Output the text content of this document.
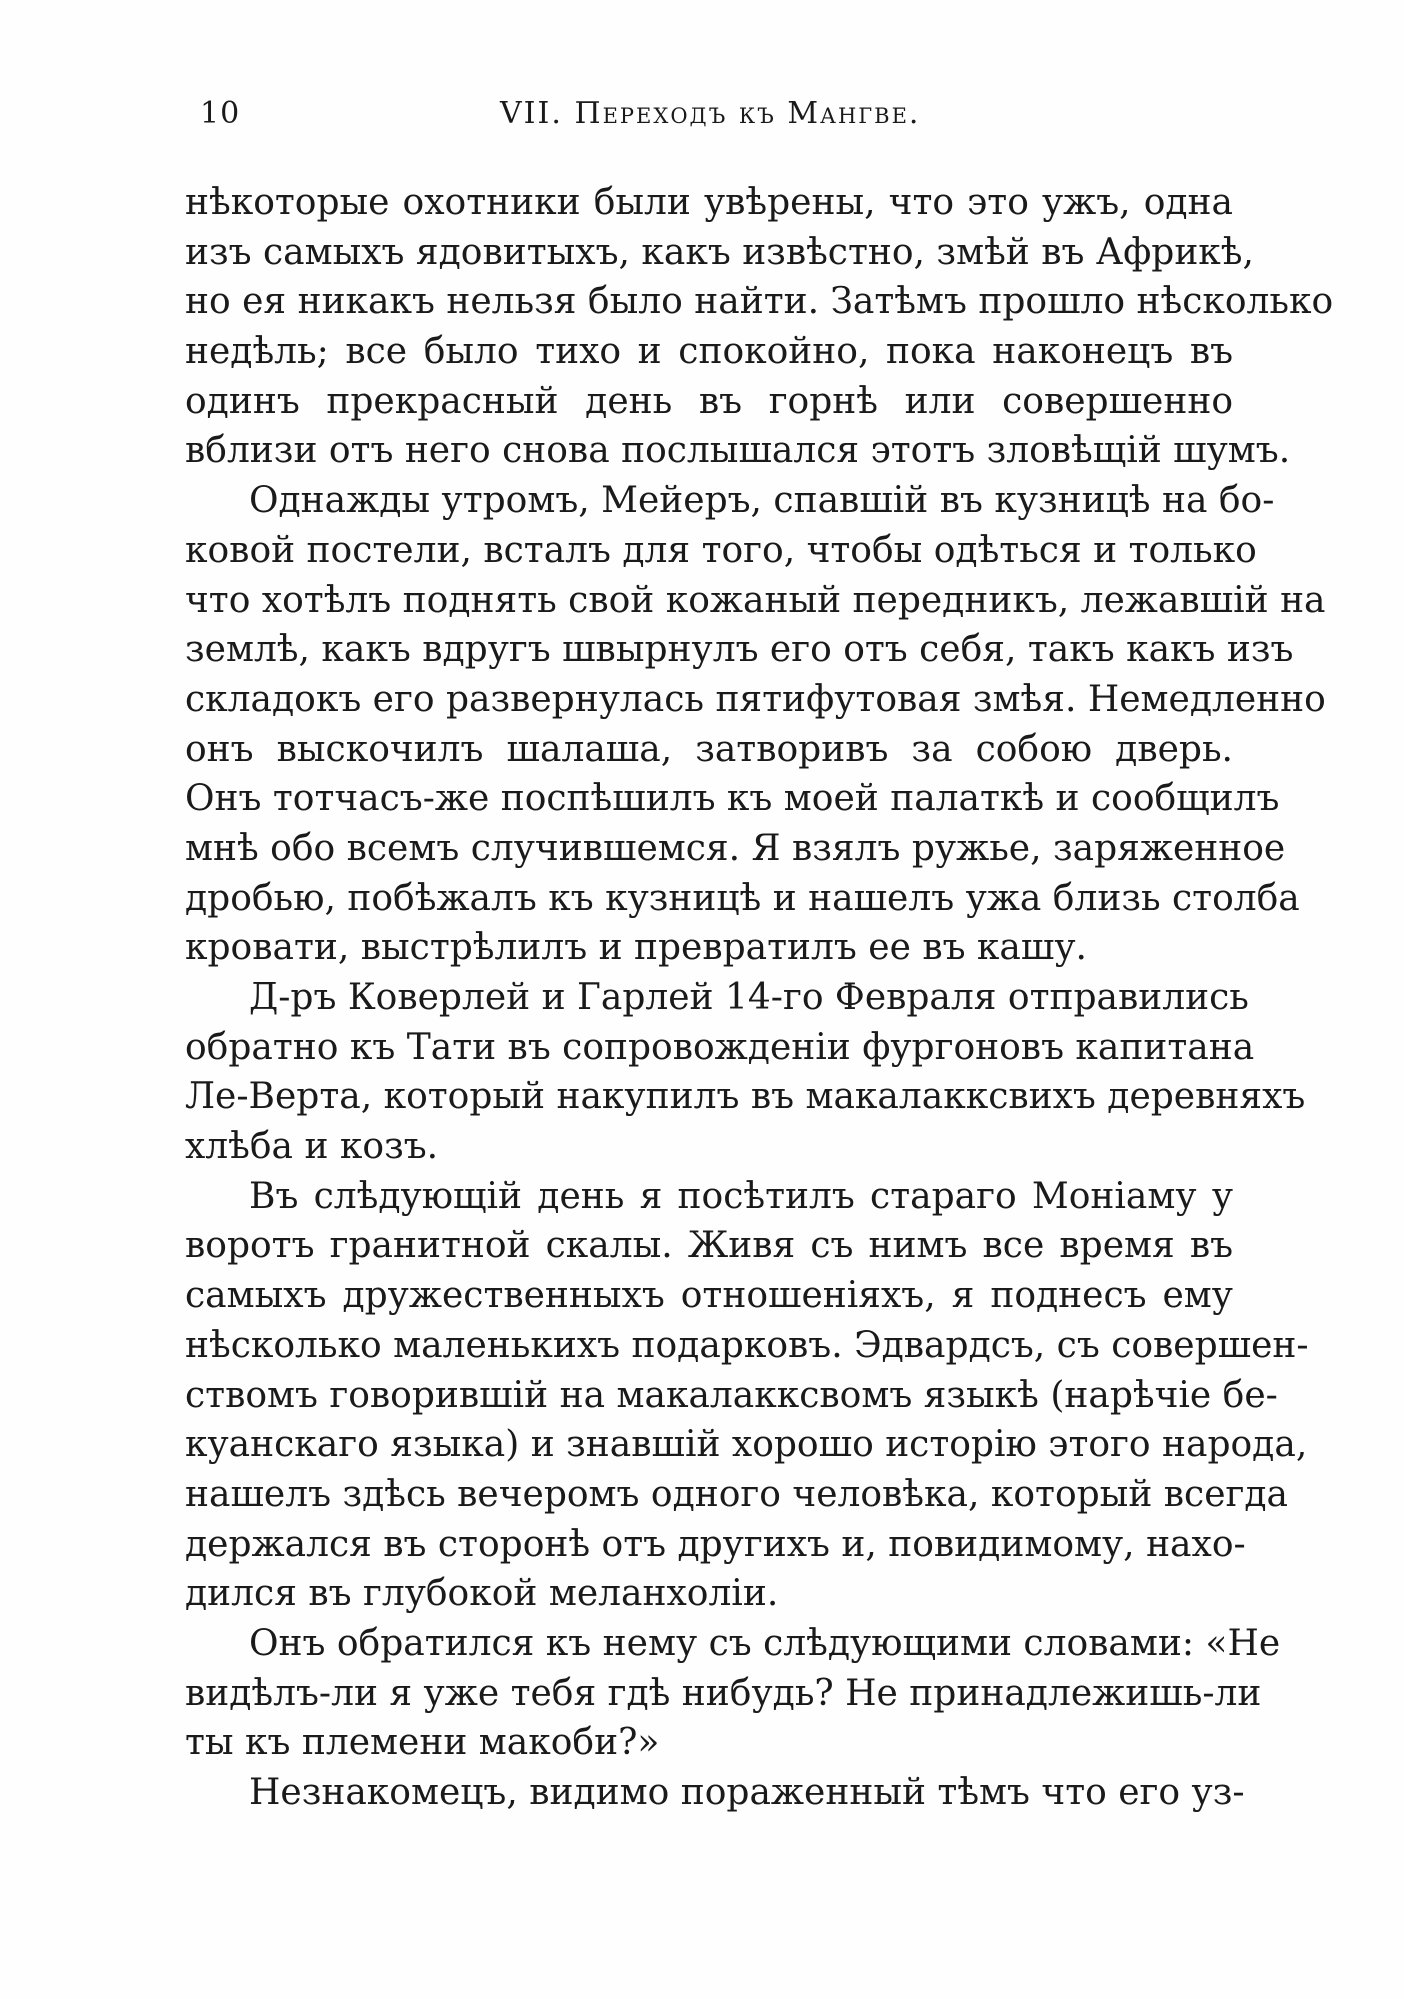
10	VII. Переходъ къ Мангве.
нѣкоторые охотники были увѣрены, что это ужъ, одна
изъ самыхъ ядовитыхъ, какъ извѣстно, змѣй въ Африкѣ,
но ея никакъ нельзя было найти. Затѣмъ прошло нѣсколько
недѣль; все было тихо и спокойно, пока наконецъ въ
одинъ прекрасный день въ горнѣ или совершенно
вблизи отъ него снова послышался этотъ зловѣщій шумъ.
Однажды утромъ, Мейеръ, спавшій въ кузницѣ на бо-
ковой постели, всталъ для того, чтобы одѣться и только
что хотѣлъ поднять свой кожаный передникъ, лежавшій на
землѣ, какъ вдругъ швырнулъ его отъ себя, такъ какъ изъ
складокъ его развернулась пятифутовая змѣя. Немедленно
онъ выскочилъ шалаша, затворивъ за собою дверь.
Онъ тотчасъ-же поспѣшилъ къ моей палаткѣ и сообщилъ
мнѣ обо всемъ случившемся. Я взялъ ружье, заряженное
дробью, побѣжалъ къ кузницѣ и нашелъ ужа близь столба
кровати, выстрѣлилъ и превратилъ ее въ кашу.
Д-ръ Коверлей и Гарлей 14-го Февраля отправились
обратно къ Тати въ сопровожденіи фургоновъ капитана
Ле-Верта, который накупилъ въ макалакксвихъ деревняхъ
хлѣба и козъ.
Въ слѣдующій день я посѣтилъ стараго Моніаму у
воротъ гранитной скалы. Живя съ нимъ все время въ
самыхъ дружественныхъ отношеніяхъ, я поднесъ ему
нѣсколько маленькихъ подарковъ. Эдвардсъ, съ совершен-
ствомъ говорившій на макалакксвомъ языкѣ (нарѣчіе бе-
куанскаго языка) и знавшій хорошо исторію этого народа,
нашелъ здѣсь вечеромъ одного человѣка, который всегда
держался въ сторонѣ отъ другихъ и, повидимому, нахо-
дился въ глубокой меланхоліи.
Онъ обратился къ нему съ слѣдующими словами: «Не
видѣлъ-ли я уже тебя гдѣ нибудь? Не принадлежишь-ли
ты къ племени макоби?»
Незнакомецъ, видимо пораженный тѣмъ что его уз-
